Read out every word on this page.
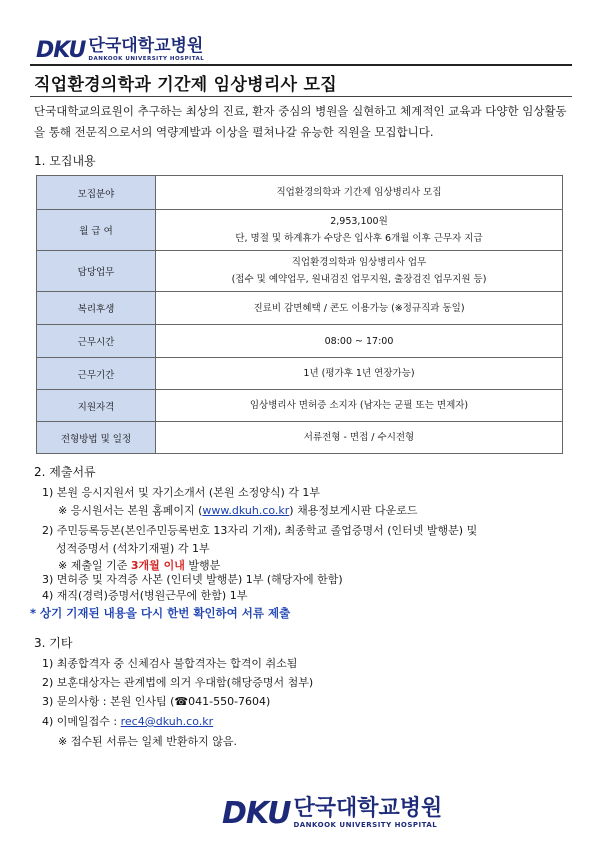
DKU 단국대학교병원
DANKOOK UNIVERSITY HOSPITAL
직업환경의학과 기간제 임상병리사 모집
단국대학교의료원이 추구하는 최상의 진료, 환자 중심의 병원을 실현하고 체계적인 교육과 다양한 임상활동을 통해 전문직으로서의 역량계발과 이상을 펼쳐나갈 유능한 직원을 모집합니다.
1. 모집내용
모집분야	직업환경의학과 기간제 임상병리사 모집
월 급 여	2,953,100원
단, 명절 및 하계휴가 수당은 입사후 6개월 이후 근무자 지급

담당업무	직업환경의학과 임상병리사 업무
(접수 및 예약업무, 원내검진 업무지원, 출장검진 업무지원 등)

복리후생	진료비 감면혜택 / 콘도 이용가능 (※정규직과 동일)
근무시간	08:00 ~ 17:00
근무기간	1년 (평가후 1년 연장가능)
지원자격	임상병리사 면허증 소지자 (남자는 군필 또는 면제자)
전형방법 및 일정	서류전형 - 면접 / 수시전형
2. 제출서류
1) 본원 응시지원서 및 자기소개서 (본원 소정양식) 각 1부
※ 응시원서는 본원 홈페이지 (www.dkuh.co.kr) 채용정보게시판 다운로드
2) 주민등록등본(본인주민등록번호 13자리 기재), 최종학교 졸업증명서 (인터넷 발행분) 및
성적증명서 (석차기재필) 각 1부
※ 제출일 기준 3개월 이내 발행분
3) 면허증 및 자격증 사본 (인터넷 발행분) 1부 (해당자에 한함)
4) 재직(경력)증명서(병원근무에 한함) 1부
* 상기 기재된 내용을 다시 한번 확인하여 서류 제출
3. 기타
1) 최종합격자 중 신체검사 불합격자는 합격이 취소됨
2) 보훈대상자는 관계법에 의거 우대함(해당증명서 첨부)
3) 문의사항 : 본원 인사팀 (☎041-550-7604)
4) 이메일접수 : rec4@dkuh.co.kr
※ 접수된 서류는 일체 반환하지 않음.
DKU 단국대학교병원
DANKOOK UNIVERSITY HOSPITAL
